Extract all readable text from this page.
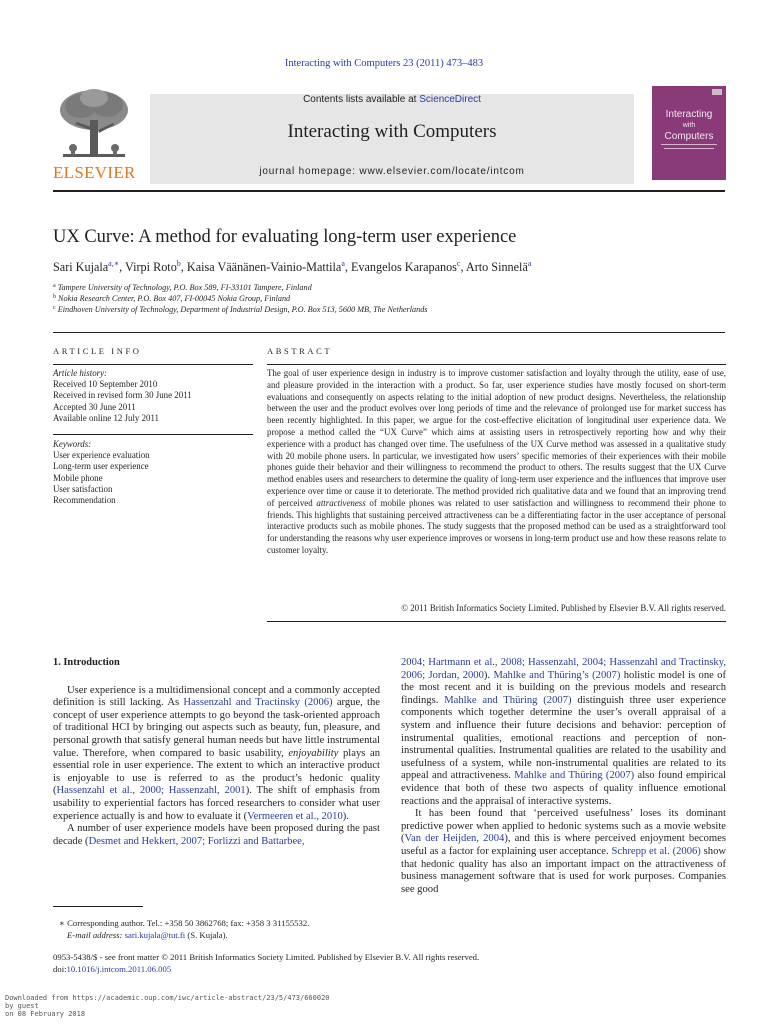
Interacting with Computers 23 (2011) 473–483
ELSEVIER
Contents lists available at ScienceDirect
Interacting with Computers
journal homepage: www.elsevier.com/locate/intcom
Interacting
with
Computers
UX Curve: A method for evaluating long-term user experience
Sari Kujala$^{a,∗}$, Virpi Roto$^b$, Kaisa Väänänen-Vainio-Mattila$^a$, Evangelos Karapanos$^c$, Arto Sinnelä$^a$
$^a$ Tampere University of Technology, P.O. Box 589, FI-33101 Tampere, Finland
$^b$ Nokia Research Center, P.O. Box 407, FI-00045 Nokia Group, Finland
$^c$ Eindhoven University of Technology, Department of Industrial Design, P.O. Box 513, 5600 MB, The Netherlands
ARTICLE INFO	ABSTRACT
Article history:
Received 10 September 2010
Received in revised form 30 June 2011
Accepted 30 June 2011
Available online 12 July 2011
Keywords:
User experience evaluation
Long-term user experience
Mobile phone
User satisfaction
Recommendation

The goal of user experience design in industry is to improve customer satisfaction and loyalty through the utility, ease of use, and pleasure provided in the interaction with a product. So far, user experience studies have mostly focused on short-term evaluations and consequently on aspects relating to the initial adoption of new product designs. Nevertheless, the relationship between the user and the product evolves over long periods of time and the relevance of prolonged use for market success has been recently highlighted. In this paper, we argue for the cost-effective elicitation of longitudinal user experience data. We propose a method called the “UX Curve” which aims at assisting users in retrospectively reporting how and why their experience with a product has changed over time. The usefulness of the UX Curve method was assessed in a qualitative study with 20 mobile phone users. In particular, we investigated how users’ specific memories of their experiences with their mobile phones guide their behavior and their willingness to recommend the product to others. The results suggest that the UX Curve method enables users and researchers to determine the quality of long-term user experience and the influences that improve user experience over time or cause it to deteriorate. The method provided rich qualitative data and we found that an improving trend of perceived attractiveness of mobile phones was related to user satisfaction and willingness to recommend their phone to friends. This highlights that sustaining perceived attractiveness can be a differentiating factor in the user acceptance of personal interactive products such as mobile phones. The study suggests that the proposed method can be used as a straightforward tool for understanding the reasons why user experience improves or worsens in long-term product use and how these reasons relate to customer loyalty.

© 2011 British Informatics Society Limited. Published by Elsevier B.V. All rights reserved.
1. Introduction

User experience is a multidimensional concept and a commonly accepted definition is still lacking. As Hassenzahl and Tractinsky (2006) argue, the concept of user experience attempts to go beyond the task-oriented approach of traditional HCI by bringing out aspects such as beauty, fun, pleasure, and personal growth that satisfy general human needs but have little instrumental value. Therefore, when compared to basic usability, enjoyability plays an essential role in user experience. The extent to which an interactive product is enjoyable to use is referred to as the product’s hedonic quality (Hassenzahl et al., 2000; Hassenzahl, 2001). The shift of emphasis from usability to experiential factors has forced researchers to consider what user experience actually is and how to evaluate it (Vermeeren et al., 2010).

A number of user experience models have been proposed during the past decade (Desmet and Hekkert, 2007; Forlizzi and Battarbee,

2004; Hartmann et al., 2008; Hassenzahl, 2004; Hassenzahl and Tractinsky, 2006; Jordan, 2000). Mahlke and Thüring’s (2007) holistic model is one of the most recent and it is building on the previous models and research findings. Mahlke and Thüring (2007) distinguish three user experience components which together determine the user’s overall appraisal of a system and influence their future decisions and behavior: perception of instrumental qualities, emotional reactions and perception of non-instrumental qualities. Instrumental qualities are related to the usability and usefulness of a system, while non-instrumental qualities are related to its appeal and attractiveness. Mahlke and Thüring (2007) also found empirical evidence that both of these two aspects of quality influence emotional reactions and the appraisal of interactive systems.

It has been found that ‘perceived usefulness’ loses its dominant predictive power when applied to hedonic systems such as a movie website (Van der Heijden, 2004), and this is where perceived enjoyment becomes useful as a factor for explaining user acceptance. Schrepp et al. (2006) show that hedonic quality has also an important impact on the attractiveness of business management software that is used for work purposes. Companies see good

∗ Corresponding author. Tel.: +358 50 3862768; fax: +358 3 31155532.
E-mail address: sari.kujala@tut.fi (S. Kujala).
0953-5438/$ - see front matter © 2011 British Informatics Society Limited. Published by Elsevier B.V. All rights reserved.
doi:10.1016/j.intcom.2011.06.005
Downloaded from https://academic.oup.com/iwc/article-abstract/23/5/473/660020
by guest
on 08 February 2018
